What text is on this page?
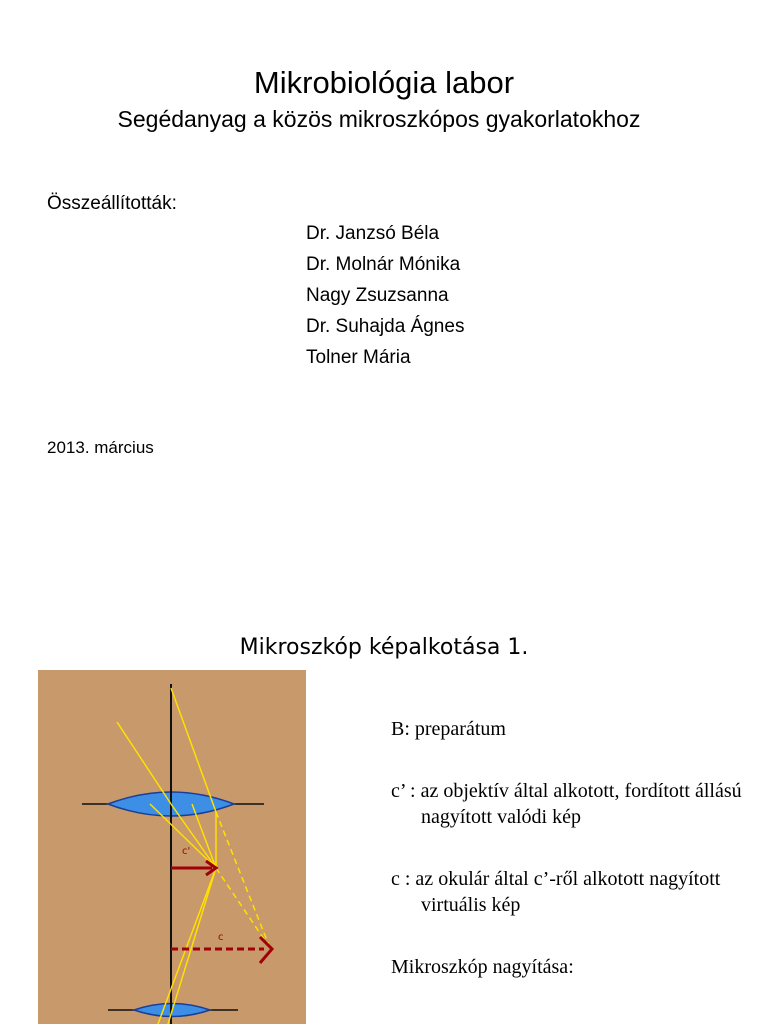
Mikrobiológia labor
Segédanyag a közös mikroszkópos gyakorlatokhoz
Összeállították:
Dr. Janzsó Béla
Dr. Molnár Mónika
Nagy Zsuzsanna
Dr. Suhajda Ágnes
Tolner Mária
2013. március
Mikroszkóp képalkotása 1.
c'
c

B: preparátum

c’ : az objektív által alkotott, fordított állású nagyított valódi kép

c : az okulár által c’-ről alkotott nagyított virtuális kép

Mikroszkóp nagyítása:
